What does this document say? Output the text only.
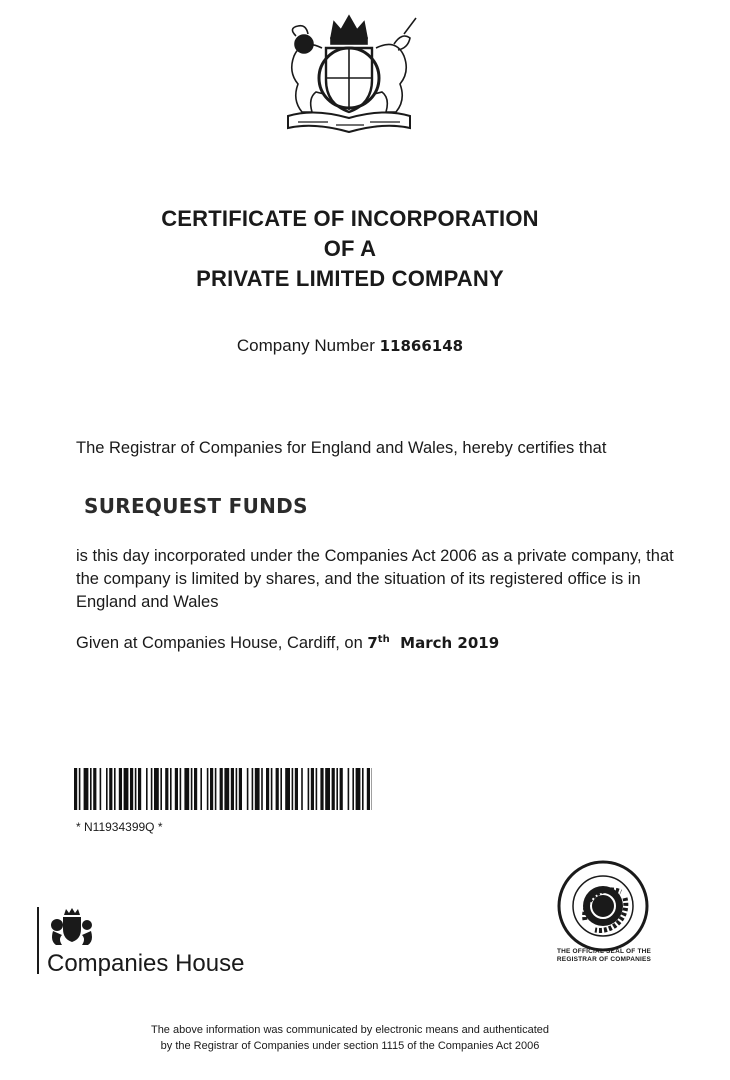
CERTIFICATE OF INCORPORATION
OF A
PRIVATE LIMITED COMPANY
Company Number 11866148
The Registrar of Companies for England and Wales, hereby certifies that
SUREQUEST FUNDS
is this day incorporated under the Companies Act 2006 as a private company, that the company is limited by shares, and the situation of its registered office is in England and Wales
Given at Companies House, Cardiff, on 7th March 2019
* N11934399Q *
Companies House	THE OFFICIAL SEAL OF THE
REGISTRAR OF COMPANIES
The above information was communicated by electronic means and authenticated
by the Registrar of Companies under section 1115 of the Companies Act 2006
